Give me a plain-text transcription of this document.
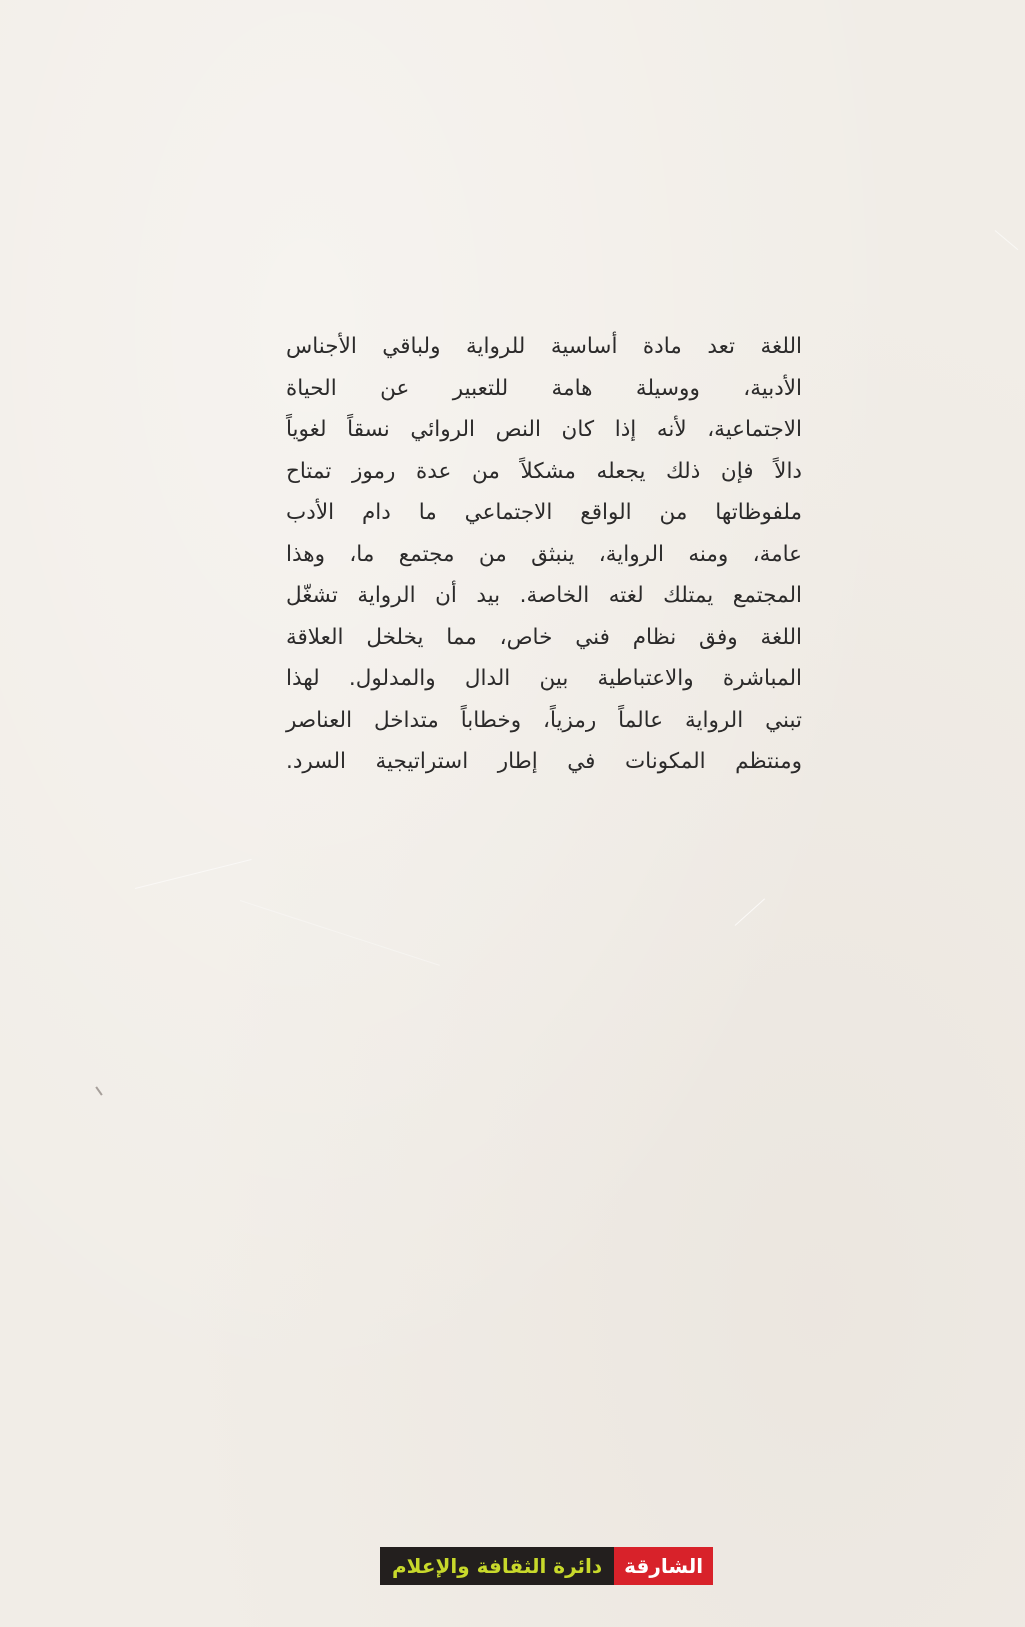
اللغة تعد مادة أساسية للرواية ولباقي الأجناس
الأدبية، ووسيلة هامة للتعبير عن الحياة
الاجتماعية، لأنه إذا كان النص الروائي نسقاً لغوياً
دالاً فإن ذلك يجعله مشكلاً من عدة رموز تمتاح
ملفوظاتها من الواقع الاجتماعي ما دام الأدب
عامة، ومنه الرواية، ينبثق من مجتمع ما، وهذا
المجتمع يمتلك لغته الخاصة. بيد أن الرواية تشغّل
اللغة وفق نظام فني خاص، مما يخلخل العلاقة
المباشرة والاعتباطية بين الدال والمدلول. لهذا
تبني الرواية عالماً رمزياً، وخطاباً متداخل العناصر
ومنتظم المكونات في إطار استراتيجية السرد.

دائرة الثقافة والإعلام	الشارقة
